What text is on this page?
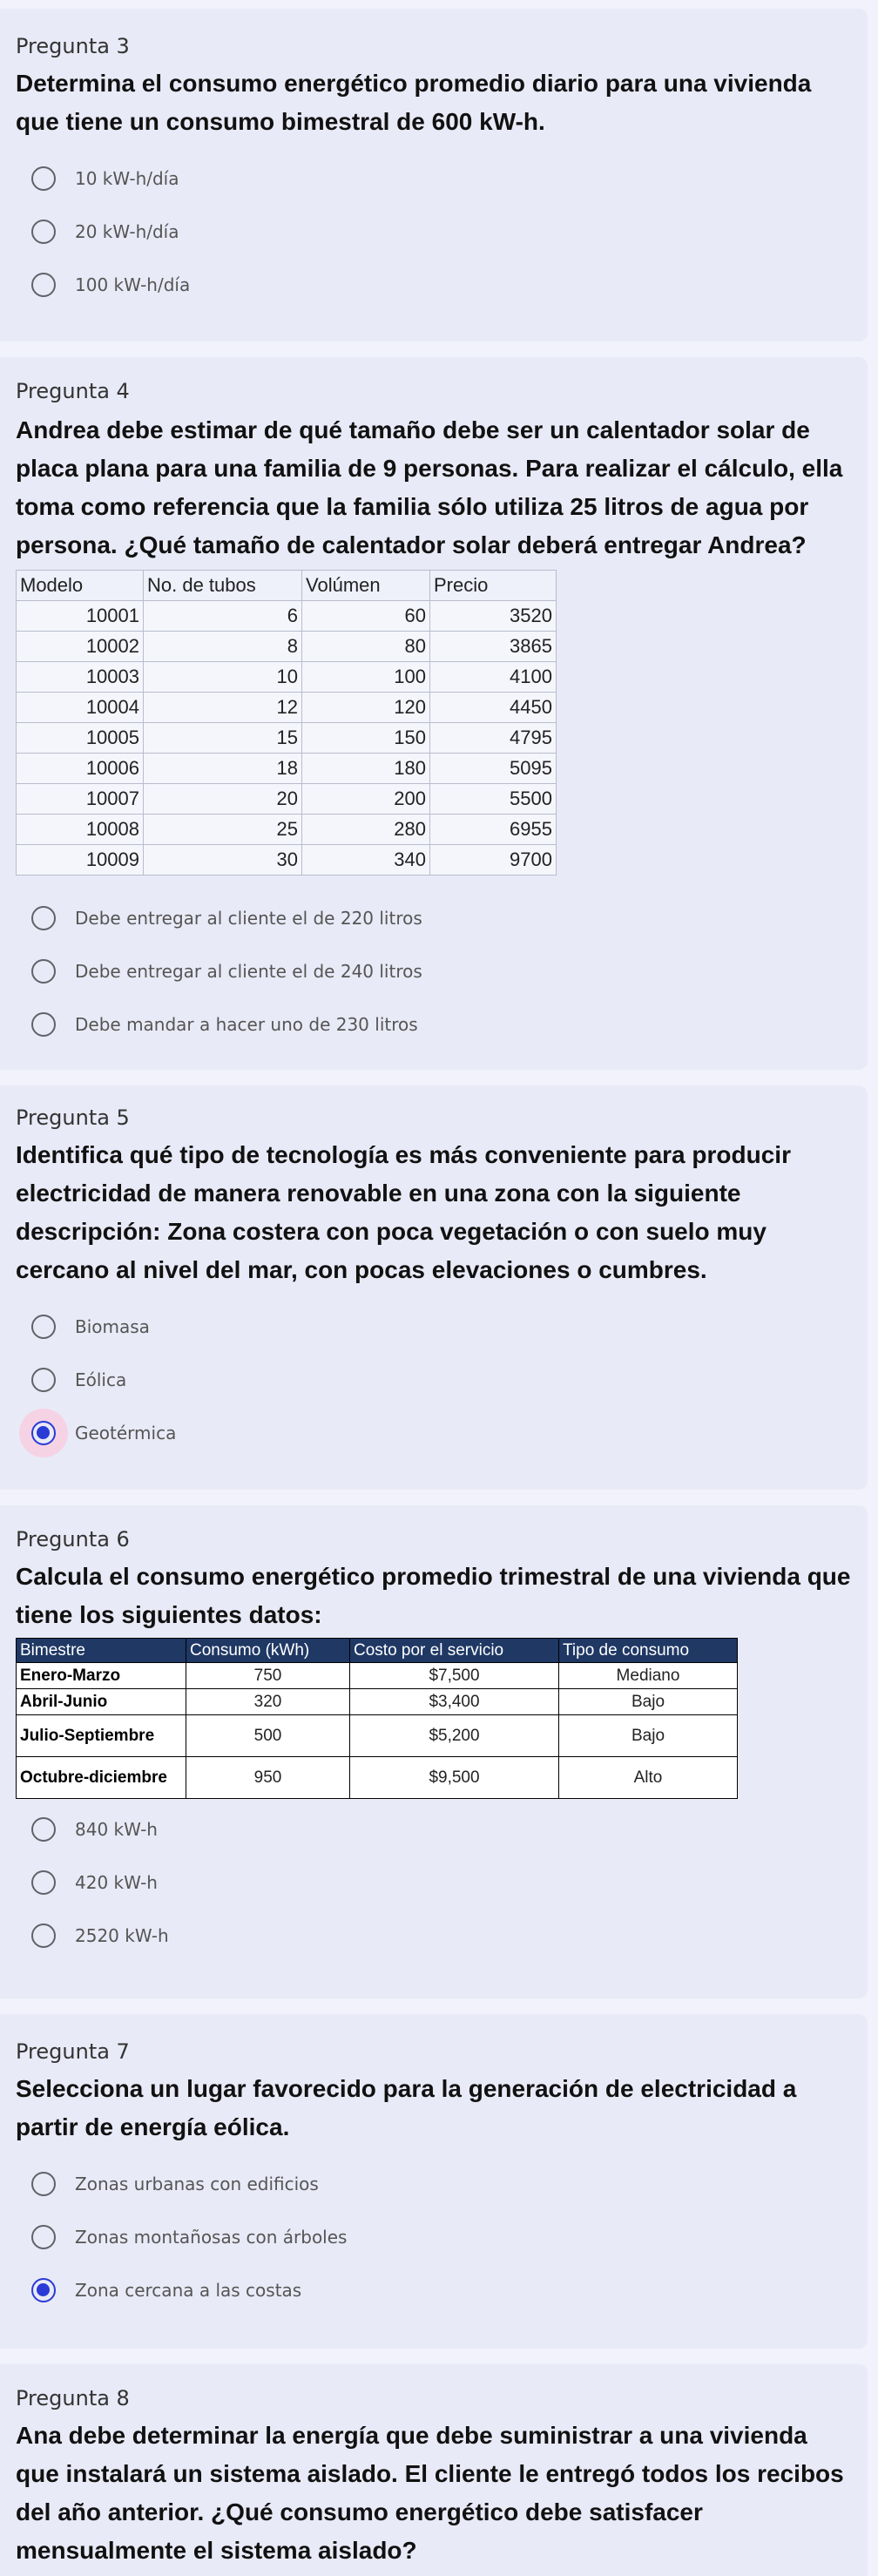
Pregunta 3
Determina el consumo energético promedio diario para una vivienda que tiene un consumo bimestral de 600 kW-h.
10 kW-h/día
20 kW-h/día
100 kW-h/día
Pregunta 4
Andrea debe estimar de qué tamaño debe ser un calentador solar de placa plana para una familia de 9 personas. Para realizar el cálculo, ella toma como referencia que la familia sólo utiliza 25 litros de agua por persona. ¿Qué tamaño de calentador solar deberá entregar Andrea?
Modelo	No. de tubos	Volúmen	Precio
10001	6	60	3520
10002	8	80	3865
10003	10	100	4100
10004	12	120	4450
10005	15	150	4795
10006	18	180	5095
10007	20	200	5500
10008	25	280	6955
10009	30	340	9700
Debe entregar al cliente el de 220 litros
Debe entregar al cliente el de 240 litros
Debe mandar a hacer uno de 230 litros
Pregunta 5
Identifica qué tipo de tecnología es más conveniente para producir electricidad de manera renovable en una zona con la siguiente descripción: Zona costera con poca vegetación o con suelo muy cercano al nivel del mar, con pocas elevaciones o cumbres.
Biomasa
Eólica
Geotérmica
Pregunta 6
Calcula el consumo energético promedio trimestral de una vivienda que tiene los siguientes datos:
Bimestre	Consumo (kWh)	Costo por el servicio	Tipo de consumo
Enero-Marzo	750	$7,500	Mediano
Abril-Junio	320	$3,400	Bajo
Julio-Septiembre	500	$5,200	Bajo
Octubre-diciembre	950	$9,500	Alto
840 kW-h
420 kW-h
2520 kW-h
Pregunta 7
Selecciona un lugar favorecido para la generación de electricidad a partir de energía eólica.
Zonas urbanas con edificios
Zonas montañosas con árboles
Zona cercana a las costas
Pregunta 8
Ana debe determinar la energía que debe suministrar a una vivienda que instalará un sistema aislado. El cliente le entregó todos los recibos del año anterior. ¿Qué consumo energético debe satisfacer mensualmente el sistema aislado?
